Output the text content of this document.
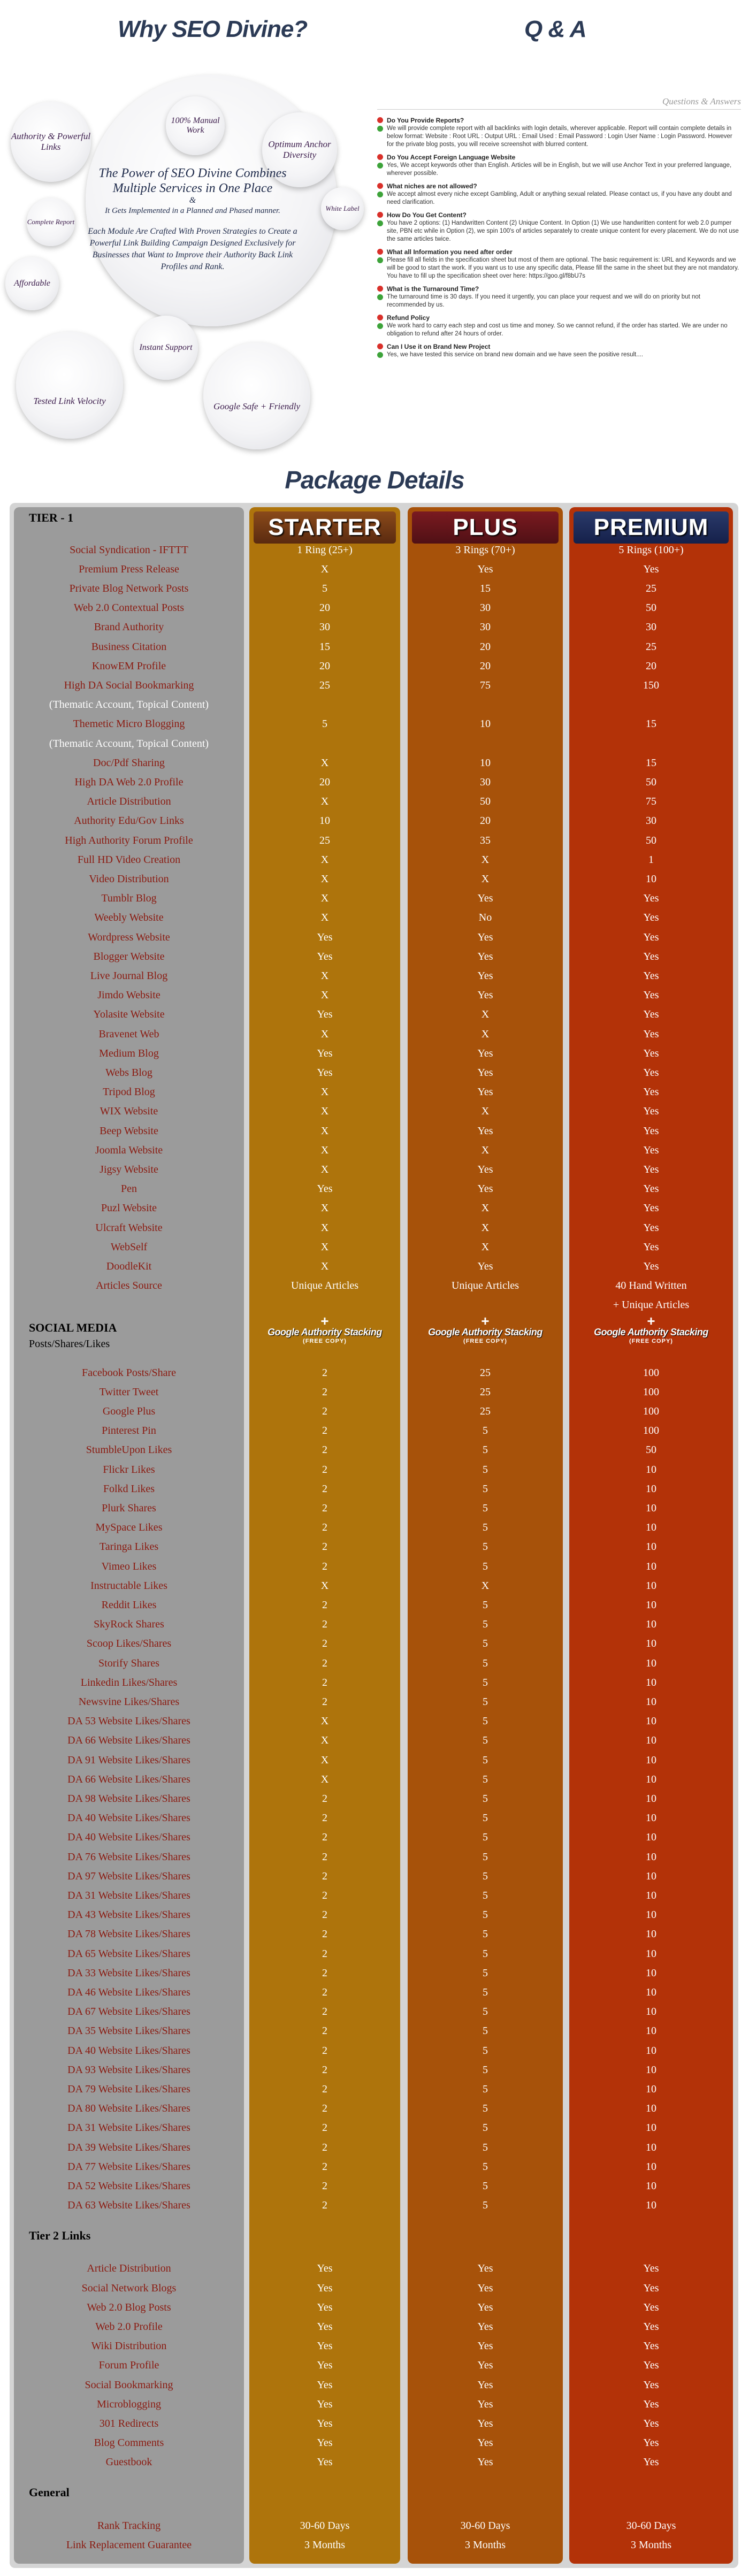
Why SEO Divine?	Q & A
Authority & Powerful Links
100% Manual Work
Optimum Anchor Diversity
Complete Report
White Label
Affordable
Instant Support
Tested Link Velocity
Google Safe + Friendly
The Power of SEO Divine Combines Multiple Services in One Place
&
It Gets Implemented in a Planned and Phased manner.
Each Module Are Crafted With Proven Strategies to Create a Powerful Link Building Campaign Designed Exclusively for Businesses that Want to Improve their Authority Back Link Profiles and Rank.
Questions & Answers
Do You Provide Reports?
We will provide complete report with all backlinks with login details, wherever applicable. Report will contain complete details in below format: Website : Root URL : Output URL : Email Used : Email Password : Login User Name : Login Password. However for the private blog posts, you will receive screenshot with blurred content.
Do You Accept Foreign Language Website
Yes, We accept keywords other than English. Articles will be in English, but we will use Anchor Text in your preferred language, wherever possible.
What niches are not allowed?
We accept almost every niche except Gambling, Adult or anything sexual related. Please contact us, if you have any doubt and need clarification.
How Do You Get Content?
You have 2 options: (1) Handwritten Content (2) Unique Content. In Option (1) We use handwritten content for web 2.0 pumper site, PBN etc while in Option (2), we spin 100's of articles separately to create unique content for every placement. We do not use the same articles twice.
What all Information you need after order
Please fill all fields in the specification sheet but most of them are optional. The basic requirement is: URL and Keywords and we will be good to start the work. If you want us to use any specific data, Please fill the same in the sheet but they are not mandatory. You have to fill up the specification sheet over here: https://goo.gl/f8bU7s
What is the Turnaround Time?
The turnaround time is 30 days. If you need it urgently, you can place your request and we will do on priority but not recommended by us.
Refund Policy
We work hard to carry each step and cost us time and money. So we cannot refund, if the order has started. We are under no obligation to refund after 24 hours of order.
Can I Use it on Brand New Project
Yes, we have tested this service on brand new domain and we have seen the positive result....
Package Details
TIER - 1
Social Syndication - IFTTT
Premium Press Release
Private Blog Network Posts
Web 2.0 Contextual Posts
Brand Authority
Business Citation
KnowEM Profile
High DA Social Bookmarking
(Thematic Account, Topical Content)
Themetic Micro Blogging
(Thematic Account, Topical Content)
Doc/Pdf Sharing
High DA Web 2.0 Profile
Article Distribution
Authority Edu/Gov Links
High Authority Forum Profile
Full HD Video Creation
Video Distribution
Tumblr Blog
Weebly Website
Wordpress Website
Blogger Website
Live Journal Blog
Jimdo Website
Yolasite Website
Bravenet Web
Medium Blog
Webs Blog
Tripod Blog
WIX Website
Beep Website
Joomla Website
Jigsy Website
Pen
Puzl Website
Ulcraft Website
WebSelf
DoodleKit
Articles Source
SOCIAL MEDIA
Posts/Shares/Likes
Facebook Posts/Share
Twitter Tweet
Google Plus
Pinterest Pin
StumbleUpon Likes
Flickr Likes
Folkd Likes
Plurk Shares
MySpace Likes
Taringa Likes
Vimeo Likes
Instructable Likes
Reddit Likes
SkyRock Shares
Scoop Likes/Shares
Storify Shares
Linkedin Likes/Shares
Newsvine Likes/Shares
DA 53 Website Likes/Shares
DA 66 Website Likes/Shares
DA 91 Website Likes/Shares
DA 66 Website Likes/Shares
DA 98 Website Likes/Shares
DA 40 Website Likes/Shares
DA 40 Website Likes/Shares
DA 76 Website Likes/Shares
DA 97 Website Likes/Shares
DA 31 Website Likes/Shares
DA 43 Website Likes/Shares
DA 78 Website Likes/Shares
DA 65 Website Likes/Shares
DA 33 Website Likes/Shares
DA 46 Website Likes/Shares
DA 67 Website Likes/Shares
DA 35 Website Likes/Shares
DA 40 Website Likes/Shares
DA 93 Website Likes/Shares
DA 79 Website Likes/Shares
DA 80 Website Likes/Shares
DA 31 Website Likes/Shares
DA 39 Website Likes/Shares
DA 77 Website Likes/Shares
DA 52 Website Likes/Shares
DA 63 Website Likes/Shares
Tier 2 Links
Article Distribution
Social Network Blogs
Web 2.0 Blog Posts
Web 2.0 Profile
Wiki Distribution
Forum Profile
Social Bookmarking
Microblogging
301 Redirects
Blog Comments
Guestbook
General
Rank Tracking
Link Replacement Guarantee
STARTER
1 Ring (25+)
X
5
20
30
15
20
25
5
X
20
X
10
25
X
X
X
X
Yes
Yes
X
X
Yes
X
Yes
Yes
X
X
X
X
X
Yes
X
X
X
X
Unique Articles
+
Google Authority Stacking
(FREE COPY)
2
2
2
2
2
2
2
2
2
2
2
X
2
2
2
2
2
2
X
X
X
X
2
2
2
2
2
2
2
2
2
2
2
2
2
2
2
2
2
2
2
2
2
2
Yes
Yes
Yes
Yes
Yes
Yes
Yes
Yes
Yes
Yes
Yes
30-60 Days
3 Months
PLUS
3 Rings (70+)
Yes
15
30
30
20
20
75
10
10
30
50
20
35
X
X
Yes
No
Yes
Yes
Yes
Yes
X
X
Yes
Yes
Yes
X
Yes
X
Yes
Yes
X
X
X
Yes
Unique Articles
+
Google Authority Stacking
(FREE COPY)
25
25
25
5
5
5
5
5
5
5
5
X
5
5
5
5
5
5
5
5
5
5
5
5
5
5
5
5
5
5
5
5
5
5
5
5
5
5
5
5
5
5
5
5
Yes
Yes
Yes
Yes
Yes
Yes
Yes
Yes
Yes
Yes
Yes
30-60 Days
3 Months
PREMIUM
5 Rings (100+)
Yes
25
50
30
25
20
150
15
15
50
75
30
50
1
10
Yes
Yes
Yes
Yes
Yes
Yes
Yes
Yes
Yes
Yes
Yes
Yes
Yes
Yes
Yes
Yes
Yes
Yes
Yes
Yes
40 Hand Written
+ Unique Articles
+
Google Authority Stacking
(FREE COPY)
100
100
100
100
50
10
10
10
10
10
10
10
10
10
10
10
10
10
10
10
10
10
10
10
10
10
10
10
10
10
10
10
10
10
10
10
10
10
10
10
10
10
10
10
Yes
Yes
Yes
Yes
Yes
Yes
Yes
Yes
Yes
Yes
Yes
30-60 Days
3 Months
